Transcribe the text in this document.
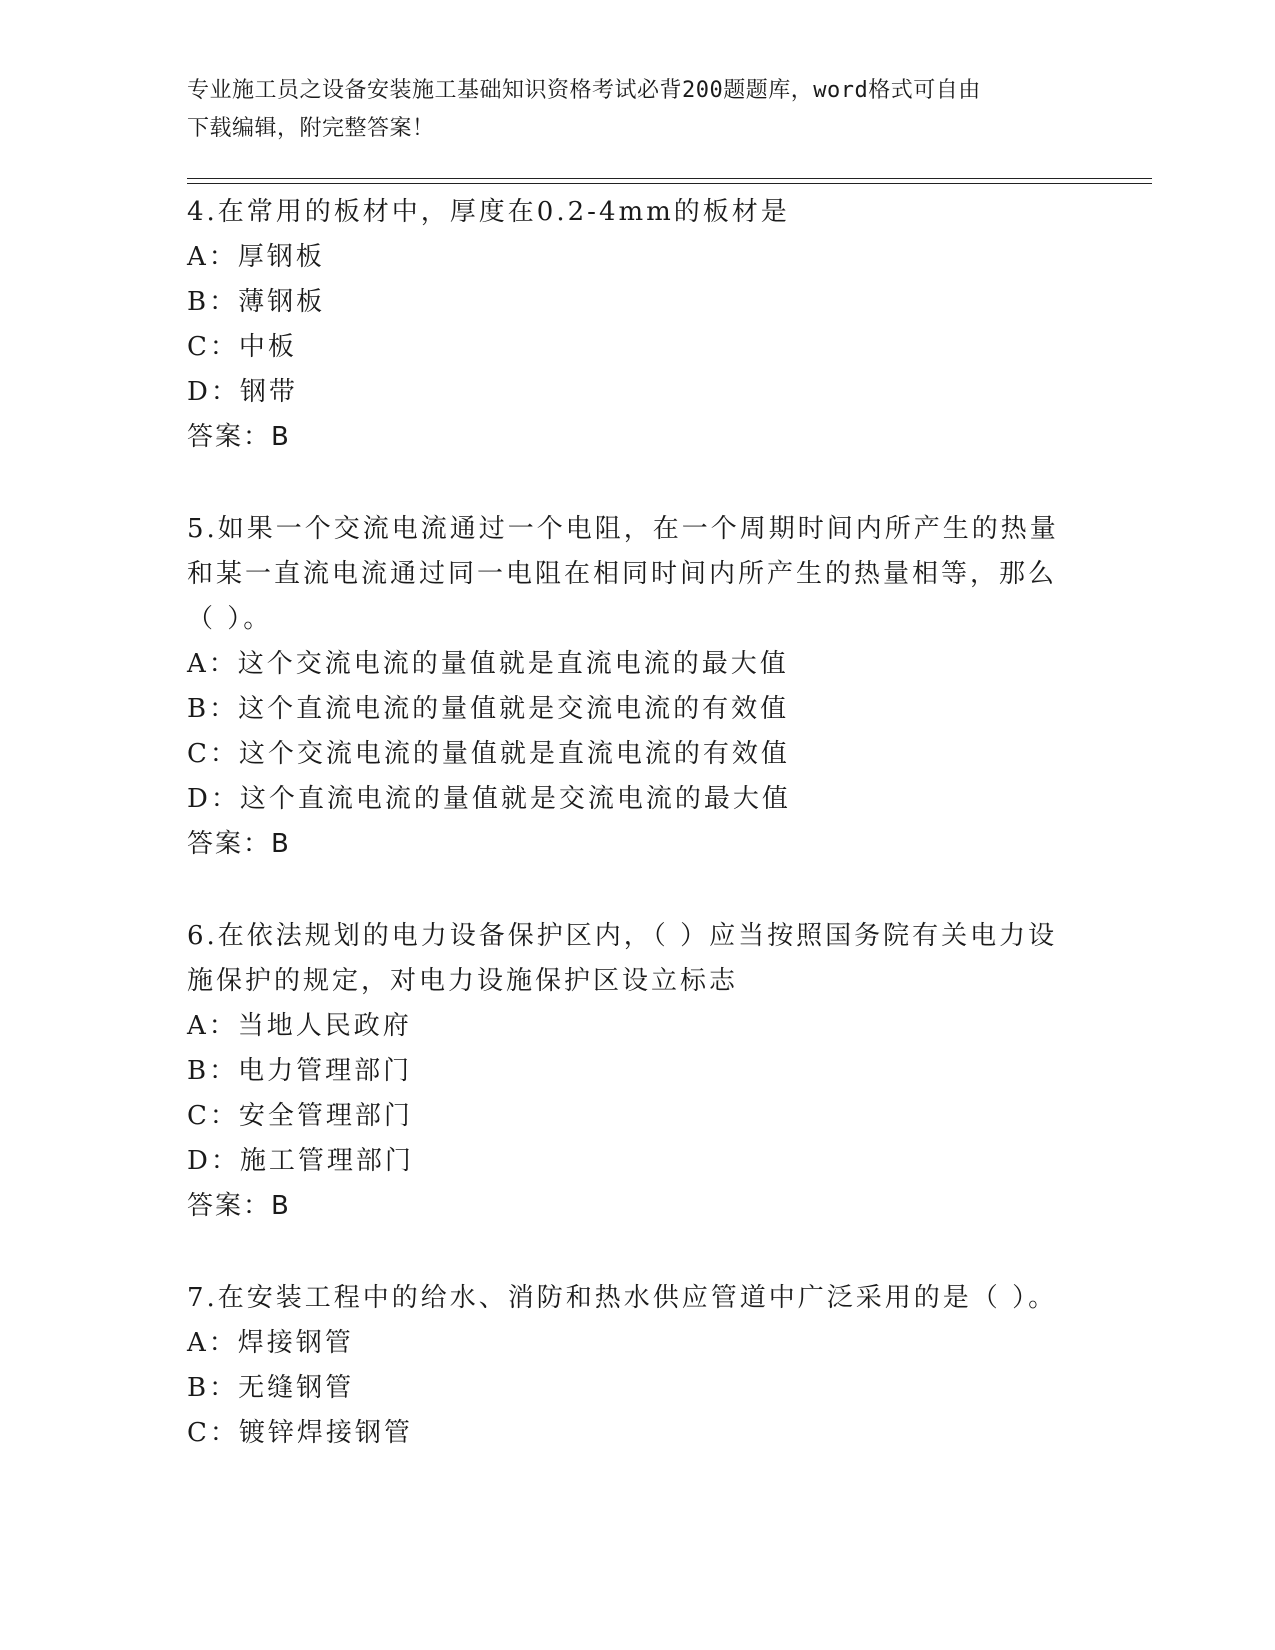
专业施工员之设备安装施工基础知识资格考试必背200题题库，word格式可自由
下载编辑，附完整答案！

4.在常用的板材中，厚度在0.2-4mm的板材是

A：厚钢板

B：薄钢板

C：中板

D：钢带

答案：B

5.如果一个交流电流通过一个电阻，在一个周期时间内所产生的热量

和某一直流电流通过同一电阻在相同时间内所产生的热量相等，那么

（ ）。

A：这个交流电流的量值就是直流电流的最大值

B：这个直流电流的量值就是交流电流的有效值

C：这个交流电流的量值就是直流电流的有效值

D：这个直流电流的量值就是交流电流的最大值

答案：B

6.在依法规划的电力设备保护区内，（ ）应当按照国务院有关电力设

施保护的规定，对电力设施保护区设立标志

A：当地人民政府

B：电力管理部门

C：安全管理部门

D：施工管理部门

答案：B

7.在安装工程中的给水、消防和热水供应管道中广泛采用的是（ ）。

A：焊接钢管

B：无缝钢管

C：镀锌焊接钢管
